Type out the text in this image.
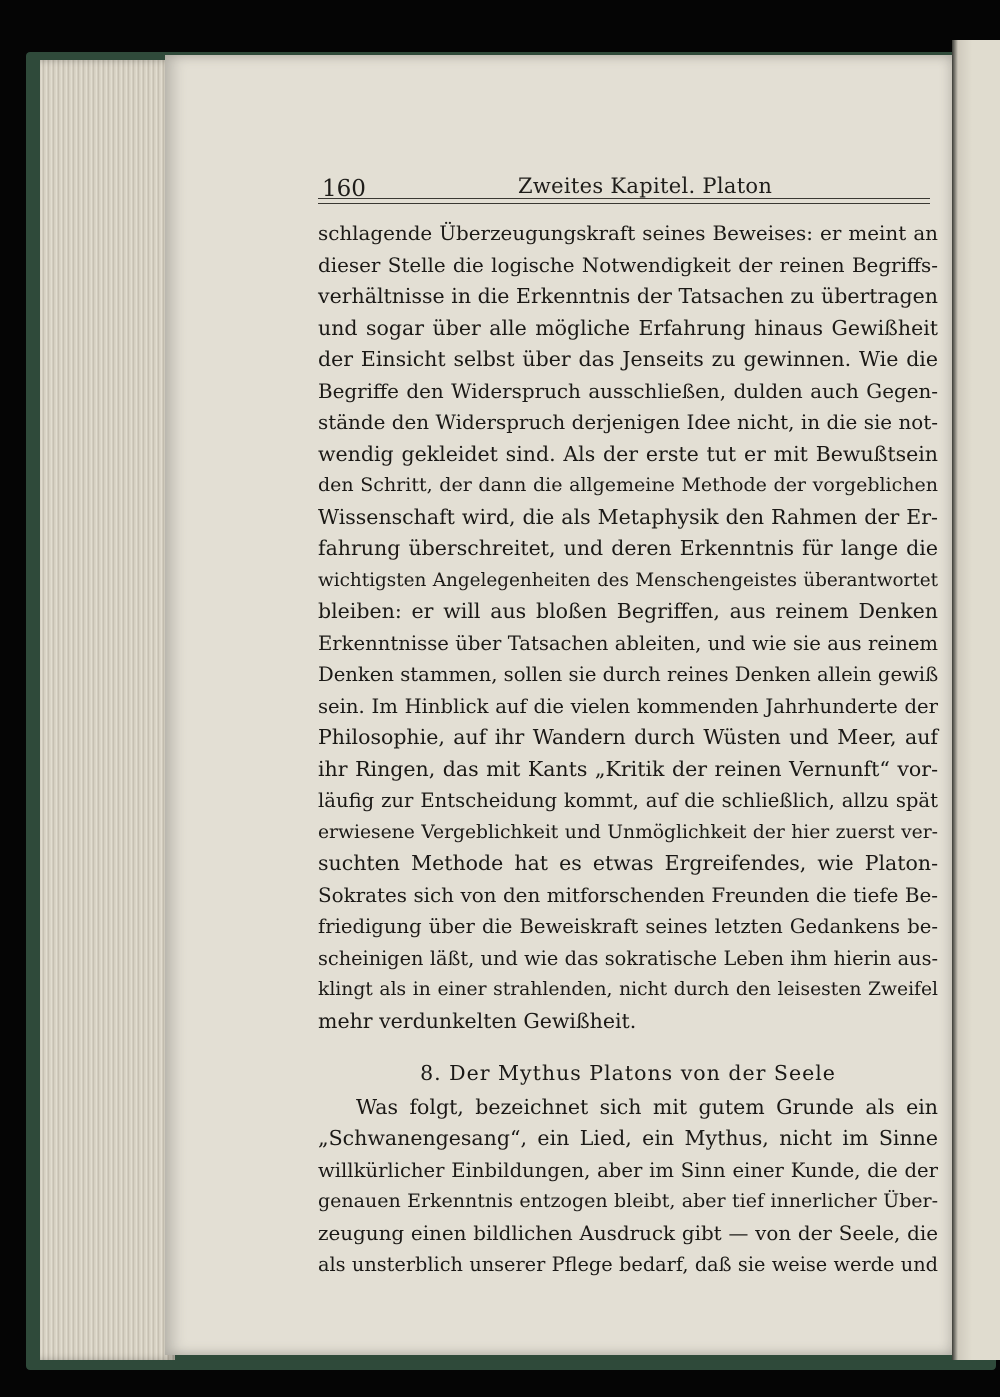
160	Zweites Kapitel. Platon
schlagende Überzeugungskraft seines Beweises: er meint an
dieser Stelle die logische Notwendigkeit der reinen Begriffs-
verhältnisse in die Erkenntnis der Tatsachen zu übertragen
und sogar über alle mögliche Erfahrung hinaus Gewißheit
der Einsicht selbst über das Jenseits zu gewinnen. Wie die
Begriffe den Widerspruch ausschließen, dulden auch Gegen-
stände den Widerspruch derjenigen Idee nicht, in die sie not-
wendig gekleidet sind. Als der erste tut er mit Bewußtsein
den Schritt, der dann die allgemeine Methode der vorgeblichen
Wissenschaft wird, die als Metaphysik den Rahmen der Er-
fahrung überschreitet, und deren Erkenntnis für lange die
wichtigsten Angelegenheiten des Menschengeistes überantwortet
bleiben: er will aus bloßen Begriffen, aus reinem Denken
Erkenntnisse über Tatsachen ableiten, und wie sie aus reinem
Denken stammen, sollen sie durch reines Denken allein gewiß
sein. Im Hinblick auf die vielen kommenden Jahrhunderte der
Philosophie, auf ihr Wandern durch Wüsten und Meer, auf
ihr Ringen, das mit Kants „Kritik der reinen Vernunft“ vor-
läufig zur Entscheidung kommt, auf die schließlich, allzu spät
erwiesene Vergeblichkeit und Unmöglichkeit der hier zuerst ver-
suchten Methode hat es etwas Ergreifendes, wie Platon-
Sokrates sich von den mitforschenden Freunden die tiefe Be-
friedigung über die Beweiskraft seines letzten Gedankens be-
scheinigen läßt, und wie das sokratische Leben ihm hierin aus-
klingt als in einer strahlenden, nicht durch den leisesten Zweifel
mehr verdunkelten Gewißheit.
8. Der Mythus Platons von der Seele
Was folgt, bezeichnet sich mit gutem Grunde als ein
„Schwanengesang“, ein Lied, ein Mythus, nicht im Sinne
willkürlicher Einbildungen, aber im Sinn einer Kunde, die der
genauen Erkenntnis entzogen bleibt, aber tief innerlicher Über-
zeugung einen bildlichen Ausdruck gibt — von der Seele, die
als unsterblich unserer Pflege bedarf, daß sie weise werde und
